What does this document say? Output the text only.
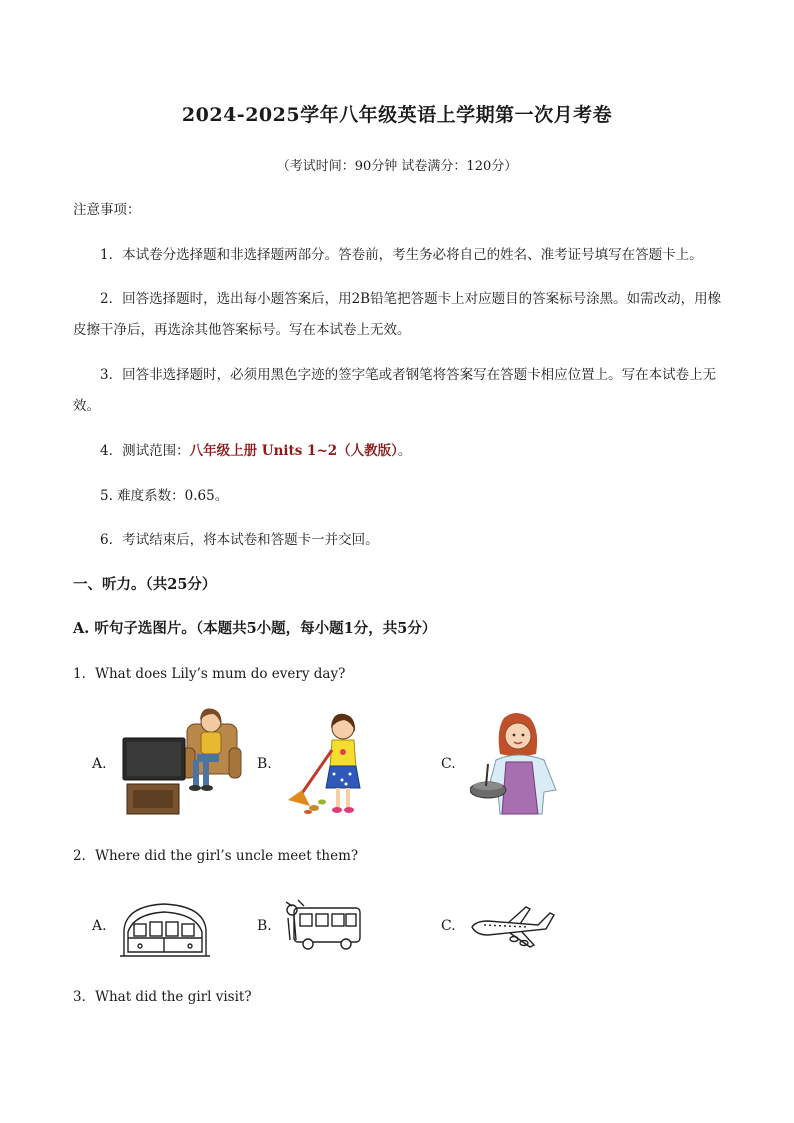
2024-2025学年八年级英语上学期第一次月考卷
（考试时间：90分钟 试卷满分：120分）
注意事项：
1．本试卷分选择题和非选择题两部分。答卷前，考生务必将自己的姓名、准考证号填写在答题卡上。
2．回答选择题时，选出每小题答案后，用2B铅笔把答题卡上对应题目的答案标号涂黑。如需改动，用橡皮擦干净后，再选涂其他答案标号。写在本试卷上无效。
3．回答非选择题时，必须用黑色字迹的签字笔或者钢笔将答案写在答题卡相应位置上。写在本试卷上无效。
4．测试范围：八年级上册 Units 1~2（人教版）。
5. 难度系数：0.65。
6．考试结束后，将本试卷和答题卡一并交回。
一、听力。（共25分）
A. 听句子选图片。（本题共5小题，每小题1分，共5分）
1．What does Lily’s mum do every day?
A.	B.	C.
2．Where did the girl’s uncle meet them?
A.	B.	C.
3．What did the girl visit?
